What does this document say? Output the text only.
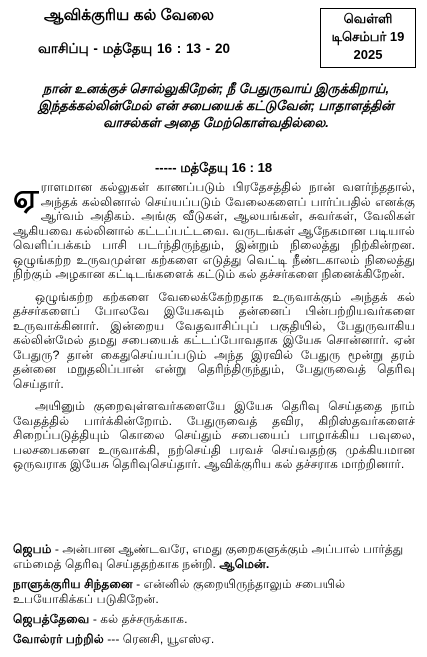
ஆவிக்குரிய கல் வேலை
வாசிப்பு - மத்தேயு 16 : 13 - 20
வெள்ளி
டிசெம்பர் 19
2025
நான் உனக்குச் சொல்லுகிறேன்; நீ பேதுருவாய் இருக்கிறாய், இந்தக்கல்லின்மேல் என் சபையைக் கட்டுவேன்; பாதாளத்தின் வாசல்கள் அதை மேற்கொள்வதில்லை.
----- மத்தேயு 16 : 18

ஏராளமான கல்லுகள் காணப்படும் பிரதேசத்தில் நான் வளர்ந்ததால், அந்தக் கல்லினால் செய்யப்படும் வேலைகளைப் பார்ப்பதில் எனக்கு ஆர்வம் அதிகம். அங்கு வீடுகள், ஆலயங்கள், சுவர்கள், வேலிகள் ஆகியவை கல்லினால் கட்டப்பட்டவை. வருடங்கள் ஆநேகமான படியால் வெளிப்பக்கம் பாசி படர்ந்திருந்தும், இன்றும் நிலைத்து நிற்கின்றன. ஒழுங்கற்ற உருவமுள்ள கற்களை எடுத்து வெட்டி நீண்டகாலம் நிலைத்து நிற்கும் அழகான கட்டிடங்களைக் கட்டும் கல் தச்சர்களை நினைக்கிறேன்.

ஒழுங்கற்ற கற்களை வேலைக்கேற்றதாக உருவாக்கும் அந்தக் கல் தச்சர்களைப் போலவே இயேசுவும் தன்னைப் பின்பற்றியவர்களை உருவாக்கினார். இன்றைய வேதவாசிப்புப் பகுதியில், பேதுருவாகிய கல்லின்மேல் தமது சபையைக் கட்டப்போவதாக இயேசு சொன்னார். ஏன் பேதுரு? தான் கைதுசெய்யப்படும் அந்த இரவில் பேதுரு மூன்று தரம் தன்னை மறுதலிப்பான் என்று தெரிந்திருந்தும், பேதுருவைத் தெரிவு செய்தார்.

அயினும் குறைவுள்ளவர்களையே இயேசு தெரிவு செய்ததை நாம் வேதத்தில் பார்க்கின்றோம். பேதுருவைத் தவிர, கிறிஸ்தவர்களைச் சிறைப்படுத்தியும் கொலை செய்தும் சபையைப் பாழாக்கிய பவுலை, பலசபைகளை உருவாக்கி, நற்செய்தி பரவச் செய்வதற்கு முக்கியமான ஒருவராக இயேசு தெரிவுசெய்தார். ஆவிக்குரிய கல் தச்சராக மாற்றினார்.

ஜெபம் - அன்பான ஆண்டவரே, எமது குறைகளுக்கும் அப்பால் பார்த்து எம்மைத் தெரிவு செய்ததற்காக நன்றி. ஆமென்.
நாளுக்குரிய சிந்தனை - என்னில் குறையிருந்தாலும் சபையில் உபயோகிக்கப் படுகிறேன்.
ஜெபத்தேவை - கல் தச்சருக்காக.
வோல்ரர் பற்றில் --- ரெனசி, யூஎஸ்ஏ.
